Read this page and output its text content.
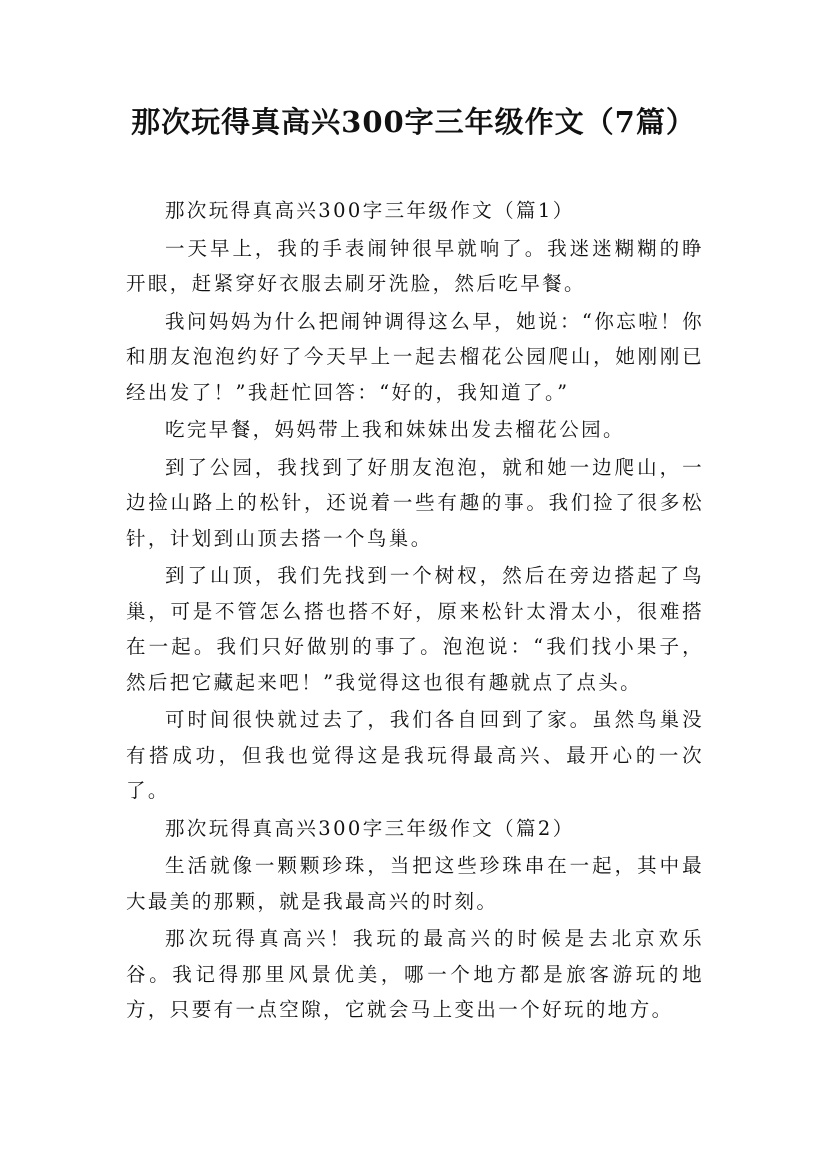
那次玩得真高兴300字三年级作文（7篇）

那次玩得真高兴300字三年级作文（篇1）

一天早上，我的手表闹钟很早就响了。我迷迷糊糊的睁开眼，赶紧穿好衣服去刷牙洗脸，然后吃早餐。

我问妈妈为什么把闹钟调得这么早，她说：“你忘啦！你和朋友泡泡约好了今天早上一起去榴花公园爬山，她刚刚已经出发了！”我赶忙回答：“好的，我知道了。”

吃完早餐，妈妈带上我和妹妹出发去榴花公园。

到了公园，我找到了好朋友泡泡，就和她一边爬山，一边捡山路上的松针，还说着一些有趣的事。我们捡了很多松针，计划到山顶去搭一个鸟巢。

到了山顶，我们先找到一个树杈，然后在旁边搭起了鸟巢，可是不管怎么搭也搭不好，原来松针太滑太小，很难搭在一起。我们只好做别的事了。泡泡说：“我们找小果子，然后把它藏起来吧！”我觉得这也很有趣就点了点头。

可时间很快就过去了，我们各自回到了家。虽然鸟巢没有搭成功，但我也觉得这是我玩得最高兴、最开心的一次了。

那次玩得真高兴300字三年级作文（篇2）

生活就像一颗颗珍珠，当把这些珍珠串在一起，其中最大最美的那颗，就是我最高兴的时刻。

那次玩得真高兴！我玩的最高兴的时候是去北京欢乐谷。我记得那里风景优美，哪一个地方都是旅客游玩的地方，只要有一点空隙，它就会马上变出一个好玩的地方。
